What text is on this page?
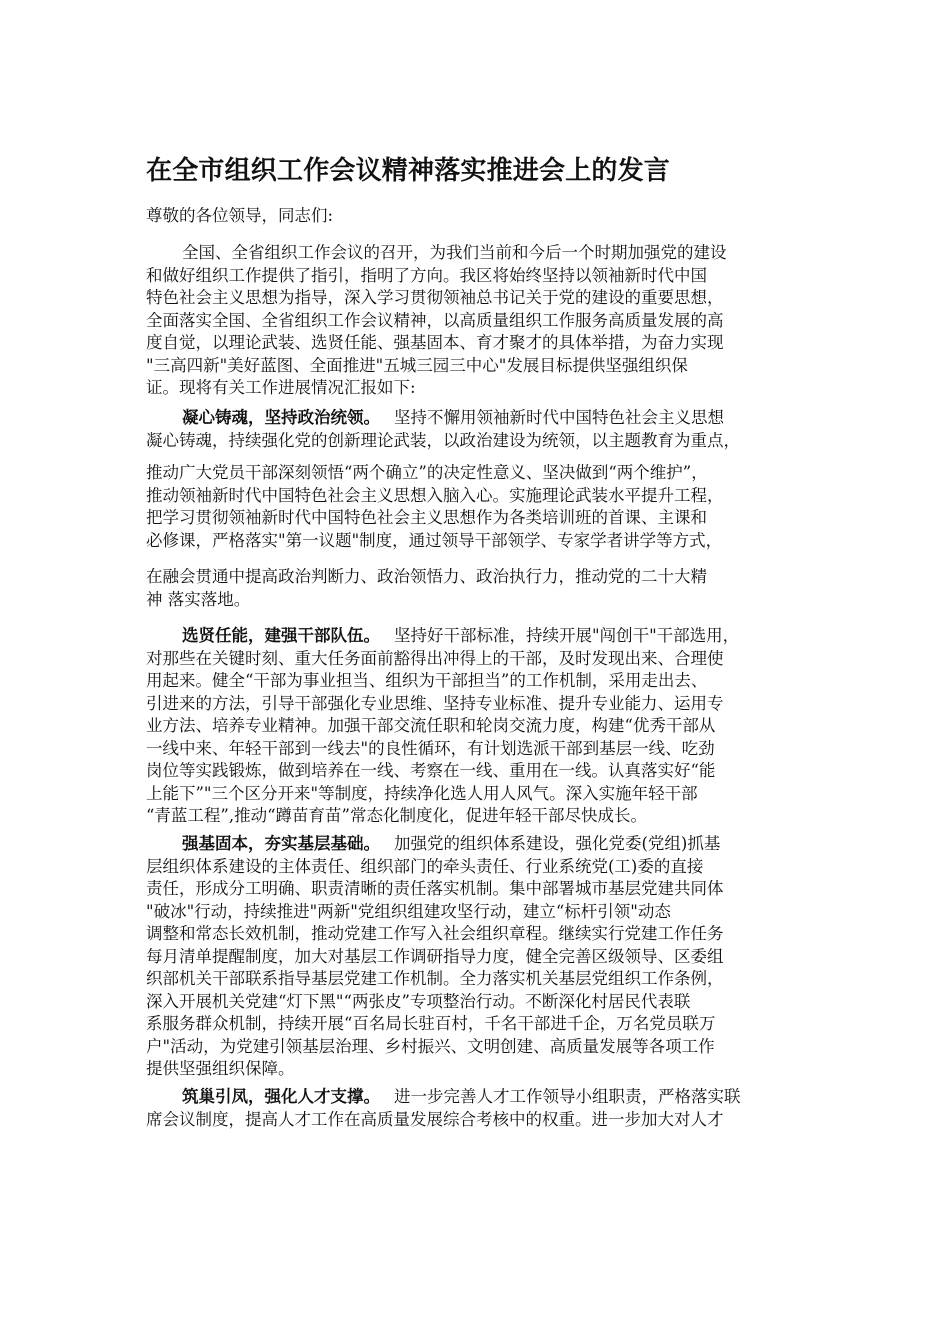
在全市组织工作会议精神落实推进会上的发言

尊敬的各位领导，同志们:

全国、全省组织工作会议的召开，为我们当前和今后一个时期加强党的建设
和做好组织工作提供了指引，指明了方向。我区将始终坚持以领袖新时代中国
特色社会主义思想为指导，深入学习贯彻领袖总书记关于党的建设的重要思想，
全面落实全国、全省组织工作会议精神，以高质量组织工作服务高质量发展的高
度自觉，以理论武装、选贤任能、强基固本、育才聚才的具体举措，为奋力实现
"三高四新"美好蓝图、全面推进"五城三园三中心"发展目标提供坚强组织保
证。现将有关工作进展情况汇报如下:
凝心铸魂，坚持政治统领。 坚持不懈用领袖新时代中国特色社会主义思想
凝心铸魂，持续强化党的创新理论武装，以政治建设为统领，以主题教育为重点，
推动广大党员干部深刻领悟“两个确立”的决定性意义、坚决做到“两个维护”，
推动领袖新时代中国特色社会主义思想入脑入心。实施理论武装水平提升工程，
把学习贯彻领袖新时代中国特色社会主义思想作为各类培训班的首课、主课和
必修课，严格落实"第一议题"制度，通过领导干部领学、专家学者讲学等方式，
在融会贯通中提高政治判断力、政治领悟力、政治执行力，推动党的二十大精
神 落实落地。
选贤任能，建强干部队伍。 坚持好干部标准，持续开展"闯创干"干部选用，
对那些在关键时刻、重大任务面前豁得出冲得上的干部，及时发现出来、合理使
用起来。健全“干部为事业担当、组织为干部担当”的工作机制，采用走出去、
引进来的方法，引导干部强化专业思维、坚持专业标准、提升专业能力、运用专
业方法、培养专业精神。加强干部交流任职和轮岗交流力度，构建“优秀干部从
一线中来、年轻干部到一线去"的良性循环，有计划选派干部到基层一线、吃劲
岗位等实践锻炼，做到培养在一线、考察在一线、重用在一线。认真落实好“能
上能下”"三个区分开来"等制度，持续净化选人用人风气。深入实施年轻干部
“青蓝工程”,推动“蹲苗育苗”常态化制度化，促进年轻干部尽快成长。
强基固本，夯实基层基础。 加强党的组织体系建设，强化党委(党组)抓基
层组织体系建设的主体责任、组织部门的牵头责任、行业系统党(工)委的直接
责任，形成分工明确、职责清晰的责任落实机制。集中部署城市基层党建共同体
"破冰"行动，持续推进"两新"党组织组建攻坚行动，建立“标杆引领"动态
调整和常态长效机制，推动党建工作写入社会组织章程。继续实行党建工作任务
每月清单提醒制度，加大对基层工作调研指导力度，健全完善区级领导、区委组
织部机关干部联系指导基层党建工作机制。全力落实机关基层党组织工作条例，
深入开展机关党建“灯下黑"“两张皮”专项整治行动。不断深化村居民代表联
系服务群众机制，持续开展“百名局长驻百村，千名干部进千企，万名党员联万
户"活动，为党建引领基层治理、乡村振兴、文明创建、高质量发展等各项工作
提供坚强组织保障。
筑巢引凤，强化人才支撑。 进一步完善人才工作领导小组职责，严格落实联
席会议制度，提高人才工作在高质量发展综合考核中的权重。进一步加大对人才
